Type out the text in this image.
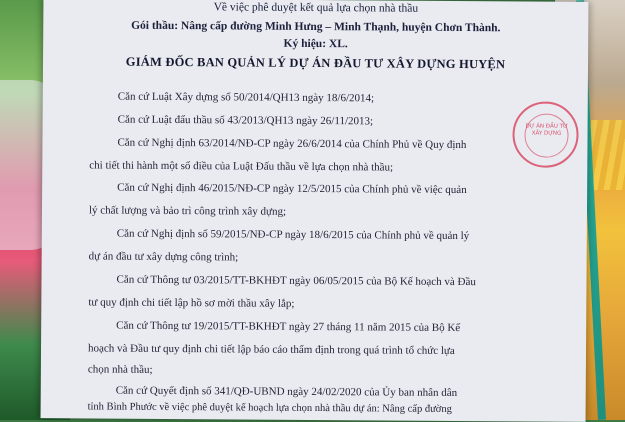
Về việc phê duyệt kết quả lựa chọn nhà thầu
Gói thầu: Nâng cấp đường Minh Hưng – Minh Thạnh, huyện Chơn Thành.
Ký hiệu: XL.
GIÁM ĐỐC BAN QUẢN LÝ DỰ ÁN ĐẦU TƯ XÂY DỰNG HUYỆN
Căn cứ Luật Xây dựng số 50/2014/QH13 ngày 18/6/2014;
Căn cứ Luật đấu thầu số 43/2013/QH13 ngày 26/11/2013;
Căn cứ Nghị định 63/2014/NĐ-CP ngày 26/6/2014 của Chính Phủ về Quy định
chi tiết thi hành một số điều của Luật Đấu thầu về lựa chọn nhà thầu;
Căn cứ Nghị định 46/2015/NĐ-CP ngày 12/5/2015 của Chính phủ về việc quản
lý chất lượng và bảo trì công trình xây dựng;
Căn cứ Nghị định số 59/2015/NĐ-CP ngày 18/6/2015 của Chính phủ về quản lý
dự án đầu tư xây dựng công trình;
Căn cứ Thông tư 03/2015/TT-BKHĐT ngày 06/05/2015 của Bộ Kế hoạch và Đầu
tư quy định chi tiết lập hồ sơ mời thầu xây lắp;
Căn cứ Thông tư 19/2015/TT-BKHĐT ngày 27 tháng 11 năm 2015 của Bộ Kế
hoạch và Đầu tư quy định chi tiết lập báo cáo thẩm định trong quá trình tổ chức lựa
chọn nhà thầu;
Căn cứ Quyết định số 341/QĐ-UBND ngày 24/02/2020 của Ủy ban nhân dân
tỉnh Bình Phước về việc phê duyệt kế hoạch lựa chọn nhà thầu dự án: Nâng cấp đường
DỰ ÁN ĐẦU TƯ XÂY DỰNG
